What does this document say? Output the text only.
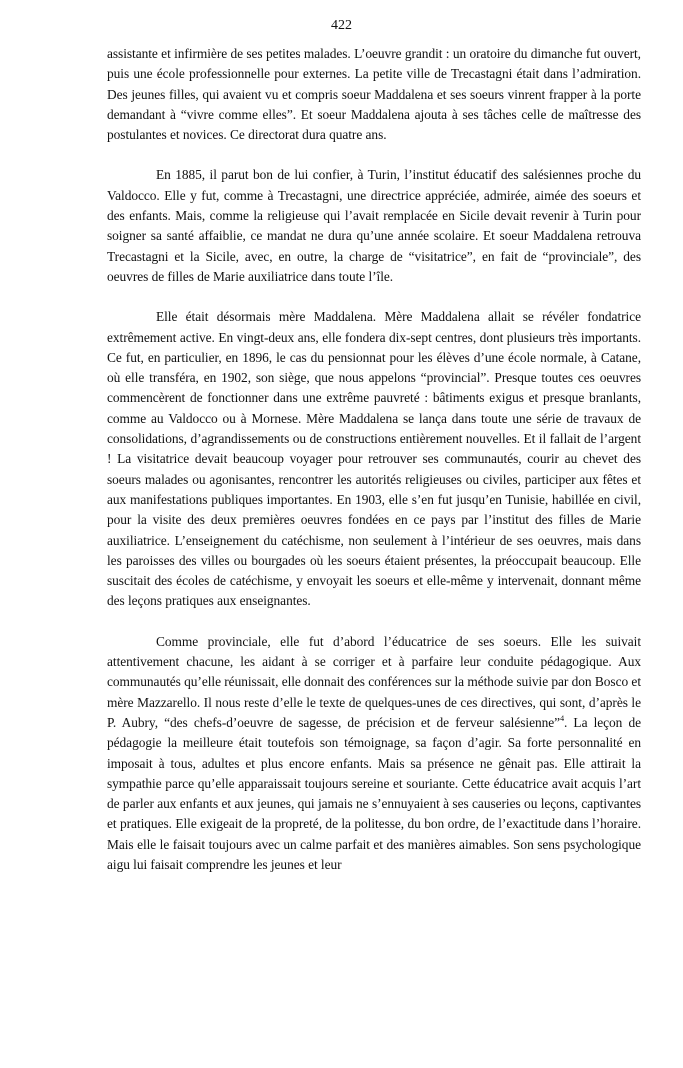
422

assistante et infirmière de ses petites malades. L’oeuvre grandit : un oratoire du dimanche fut ouvert, puis une école professionnelle pour externes. La petite ville de Trecastagni était dans l’admiration. Des jeunes filles, qui avaient vu et compris soeur Maddalena et ses soeurs vinrent frapper à la porte demandant à “vivre comme elles”. Et soeur Maddalena ajouta à ses tâches celle de maîtresse des postulantes et novices. Ce directorat dura quatre ans.

En 1885, il parut bon de lui confier, à Turin, l’institut éducatif des salésiennes proche du Valdocco. Elle y fut, comme à Trecastagni, une directrice appréciée, admirée, aimée des soeurs et des enfants. Mais, comme la religieuse qui l’avait remplacée en Sicile devait revenir à Turin pour soigner sa santé affaiblie, ce mandat ne dura qu’une année scolaire. Et soeur Maddalena retrouva Trecastagni et la Sicile, avec, en outre, la charge de “visitatrice”, en fait de “provinciale”, des oeuvres de filles de Marie auxiliatrice dans toute l’île.

Elle était désormais mère Maddalena. Mère Maddalena allait se révéler fondatrice extrêmement active. En vingt-deux ans, elle fondera dix-sept centres, dont plusieurs très importants. Ce fut, en particulier, en 1896, le cas du pensionnat pour les élèves d’une école normale, à Catane, où elle transféra, en 1902, son siège, que nous appelons “provincial”. Presque toutes ces oeuvres commencèrent de fonctionner dans une extrême pauvreté : bâtiments exigus et presque branlants, comme au Valdocco ou à Mornese. Mère Maddalena se lança dans toute une série de travaux de consolidations, d’agrandissements ou de constructions entièrement nouvelles. Et il fallait de l’argent ! La visitatrice devait beaucoup voyager pour retrouver ses communautés, courir au chevet des soeurs malades ou agonisantes, rencontrer les autorités religieuses ou civiles, participer aux fêtes et aux manifestations publiques importantes. En 1903, elle s’en fut jusqu’en Tunisie, habillée en civil, pour la visite des deux premières oeuvres fondées en ce pays par l’institut des filles de Marie auxiliatrice. L’enseignement du catéchisme, non seulement à l’intérieur de ses oeuvres, mais dans les paroisses des villes ou bourgades où les soeurs étaient présentes, la préoccupait beaucoup. Elle suscitait des écoles de catéchisme, y envoyait les soeurs et elle-même y intervenait, donnant même des leçons pratiques aux enseignantes.

Comme provinciale, elle fut d’abord l’éducatrice de ses soeurs. Elle les suivait attentivement chacune, les aidant à se corriger et à parfaire leur conduite pédagogique. Aux communautés qu’elle réunissait, elle donnait des conférences sur la méthode suivie par don Bosco et mère Mazzarello. Il nous reste d’elle le texte de quelques-unes de ces directives, qui sont, d’après le P. Aubry, “des chefs-d’oeuvre de sagesse, de précision et de ferveur salésienne”$^4$. La leçon de pédagogie la meilleure était toutefois son témoignage, sa façon d’agir. Sa forte personnalité en imposait à tous, adultes et plus encore enfants. Mais sa présence ne gênait pas. Elle attirait la sympathie parce qu’elle apparaissait toujours sereine et souriante. Cette éducatrice avait acquis l’art de parler aux enfants et aux jeunes, qui jamais ne s’ennuyaient à ses causeries ou leçons, captivantes et pratiques. Elle exigeait de la propreté, de la politesse, du bon ordre, de l’exactitude dans l’horaire. Mais elle le faisait toujours avec un calme parfait et des manières aimables. Son sens psychologique aigu lui faisait comprendre les jeunes et leur
